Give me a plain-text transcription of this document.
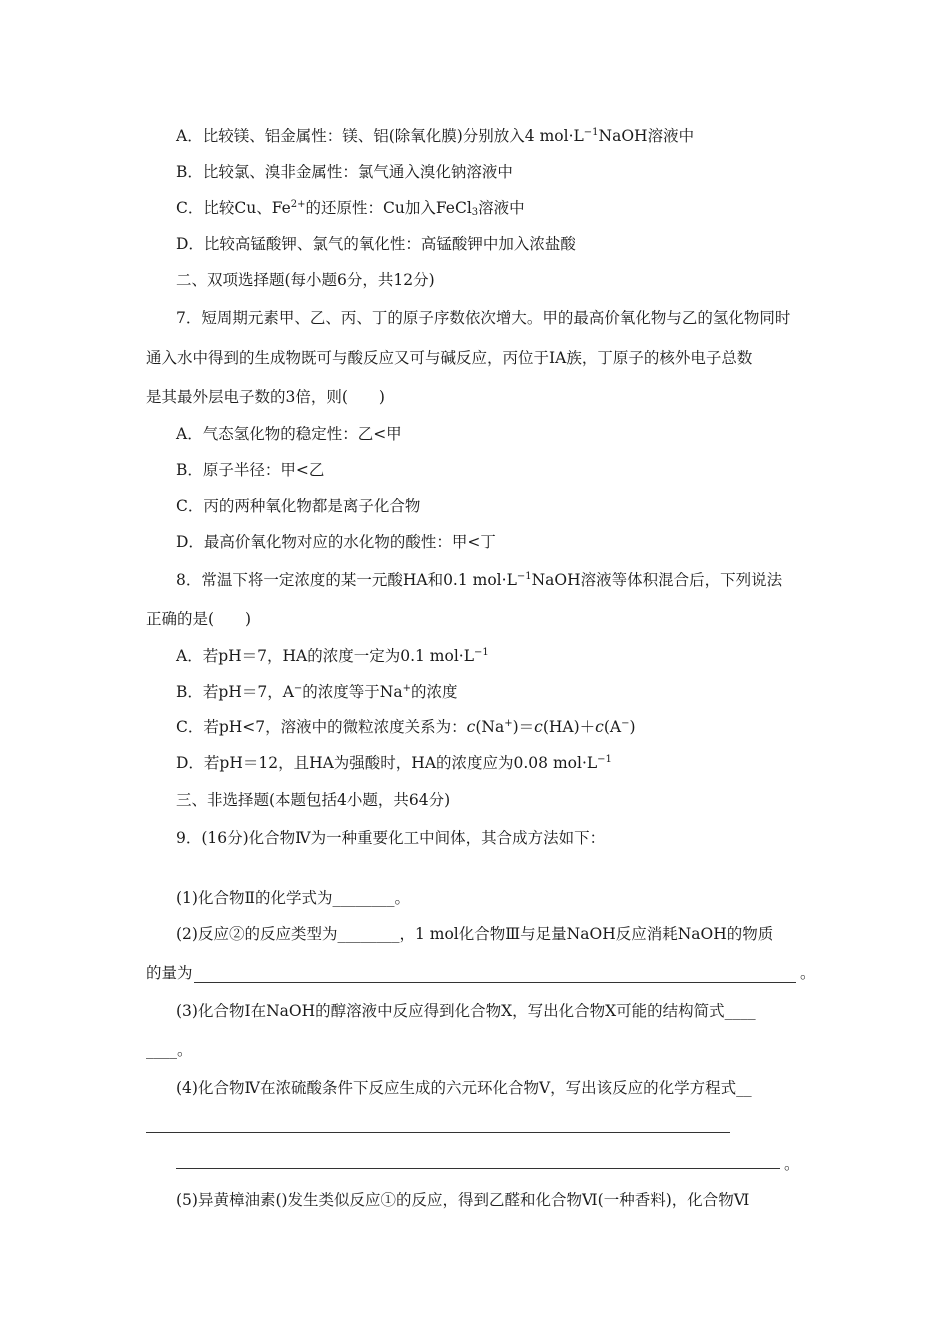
A．比较镁、铝金属性：镁、铝(除氧化膜)分别放入4 $mol\cdot L^{-1}NaOH$溶液中
B．比较氯、溴非金属性：氯气通入溴化钠溶液中
C．比较Cu、$Fe^{2+}$的还原性：Cu加入FeCl$_3$溶液中
D．比较高锰酸钾、氯气的氧化性：高锰酸钾中加入浓盐酸
二、双项选择题(每小题6分，共12分)
7．短周期元素甲、乙、丙、丁的原子序数依次增大。甲的最高价氧化物与乙的氢化物同时
通入水中得到的生成物既可与酸反应又可与碱反应，丙位于ⅠA族，丁原子的核外电子总数
是其最外层电子数的3倍，则(　　)
A．气态氢化物的稳定性：乙<甲
B．原子半径：甲<乙
C．丙的两种氧化物都是离子化合物
D．最高价氧化物对应的水化物的酸性：甲<丁
8．常温下将一定浓度的某一元酸HA和0.1 $mol\cdot L^{-1}NaOH$溶液等体积混合后，下列说法
正确的是(　　)
A．若pH＝7，HA的浓度一定为0.1 $mol\cdot L^{-1}$
B．若pH＝7，A−的浓度等于Na+的浓度
C．若pH<7，溶液中的微粒浓度关系为：c(Na+)＝c(HA)＋c(A−)
D．若pH＝12，且HA为强酸时，HA的浓度应为0.08 $mol\cdot L^{-1}$
三、非选择题(本题包括4小题，共64分)
9．(16分)化合物Ⅳ为一种重要化工中间体，其合成方法如下：
(1)化合物Ⅱ的化学式为________。
(2)反应②的反应类型为________，1 mol化合物Ⅲ与足量NaOH反应消耗NaOH的物质
的量为	。
(3)化合物Ⅰ在NaOH的醇溶液中反应得到化合物X，写出化合物X可能的结构简式____
____。
(4)化合物Ⅳ在浓硫酸条件下反应生成的六元环化合物Ⅴ，写出该反应的化学方程式__
。
(5)异黄樟油素()发生类似反应①的反应，得到乙醛和化合物Ⅵ(一种香料)，化合物Ⅵ
